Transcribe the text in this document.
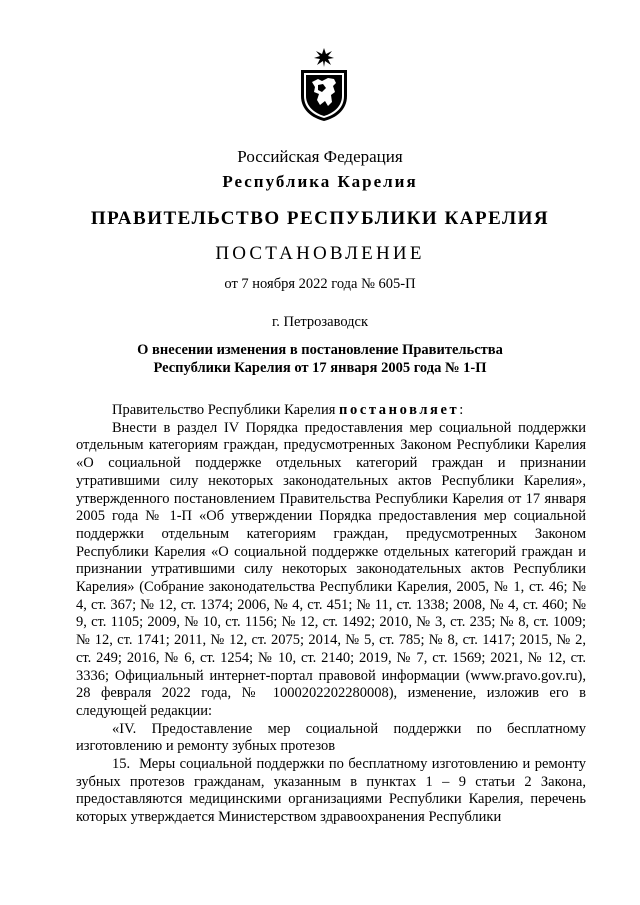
Российская Федерация
Республика Карелия
ПРАВИТЕЛЬСТВО РЕСПУБЛИКИ КАРЕЛИЯ
ПОСТАНОВЛЕНИЕ
от 7 ноября 2022 года № 605-П
г. Петрозаводск
О внесении изменения в постановление Правительства
Республики Карелия от 17 января 2005 года № 1-П

Правительство Республики Карелия постановляет:

Внести в раздел IV Порядка предоставления мер социальной поддержки отдельным категориям граждан, предусмотренных Законом Республики Карелия «О социальной поддержке отдельных категорий граждан и признании утратившими силу некоторых законодательных актов Республики Карелия», утвержденного постановлением Правительства Республики Карелия от 17 января 2005 года № 1-П «Об утверждении Порядка предоставления мер социальной поддержки отдельным категориям граждан, предусмотренных Законом Республики Карелия «О социальной поддержке отдельных категорий граждан и признании утратившими силу некоторых законодательных актов Республики Карелия» (Собрание законодательства Республики Карелия, 2005, № 1, ст. 46; № 4, ст. 367; № 12, ст. 1374; 2006, № 4, ст. 451; № 11, ст. 1338; 2008, № 4, ст. 460; № 9, ст. 1105; 2009, № 10, ст. 1156; № 12, ст. 1492; 2010, № 3, ст. 235; № 8, ст. 1009; № 12, ст. 1741; 2011, № 12, ст. 2075; 2014, № 5, ст. 785; № 8, ст. 1417; 2015, № 2, ст. 249; 2016, № 6, ст. 1254; № 10, ст. 2140; 2019, № 7, ст. 1569; 2021, № 12, ст. 3336; Официальный интернет-портал правовой информации (www.pravo.gov.ru), 28 февраля 2022 года, № 1000202202280008), изменение, изложив его в следующей редакции:

«IV. Предоставление мер социальной поддержки по бесплатному изготовлению и ремонту зубных протезов

15.  Меры социальной поддержки по бесплатному изготовлению и ремонту зубных протезов гражданам, указанным в пунктах 1 – 9 статьи 2 Закона, предоставляются медицинскими организациями Республики Карелия, перечень которых утверждается Министерством здравоохранения Республики
